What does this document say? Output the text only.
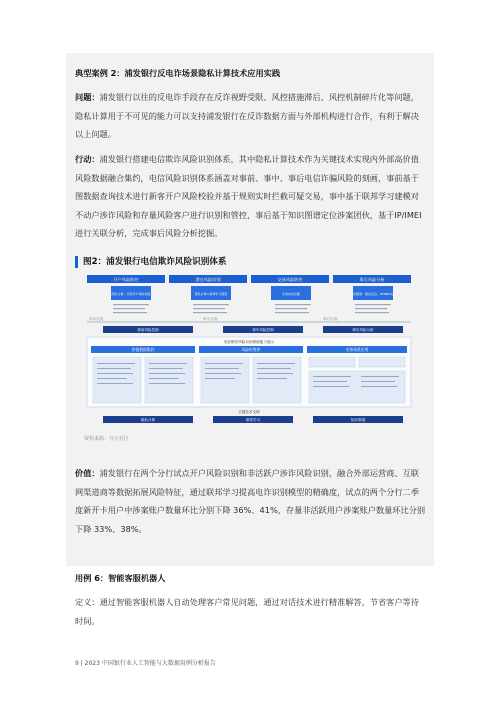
典型案例 2：浦发银行反电诈场景隐私计算技术应用实践

问题：浦发银行以往的反电诈手段存在反诈视野受限、风控措施滞后、风控机制碎片化等问题，隐私计算用于不可见的能力可以支持浦发银行在反诈数据方面与外部机构进行合作，有利于解决以上问题。

行动：浦发银行搭建电信欺诈风险识别体系，其中隐私计算技术作为关键技术实现内外部高价值风险数据融合集约，电信风险识别体系涵盖对事前、事中、事后电信诈骗风险的刻画，事前基于图数据查询技术进行新客开户风险校验并基于规则实时拦截可疑交易，事中基于联邦学习建模对不动户涉诈风险和存量风险客户进行识别和管控，事后基于知识图谱定位涉案团伙，基于IP/IMEI进行关联分析，完成事后风险分析挖掘。

图2：浦发银行电信欺诈风险识别体系
开户风险防控	潜在风险识别	交易风险防控	事后风险分析
隐私计算：外部开户风险校验	隐私计算+联邦学习模型	交易实时拦截	知识图谱：团伙定位、IP/IMEI关联
事前实施	事中实施	事后实施
事前风险控制	事中风险控制	事后风险分析
电信欺诈风险识别系统能力展示
价值数据集约	风险标签库	业务场景应用
关键技术支撑
隐私计算	联邦学习	知识图谱
资料来源：分公社区

价值：浦发银行在两个分行试点开户风险识别和非活跃户涉诈风险识别，融合外部运营商、互联网渠道商等数据拓展风险特征，通过联邦学习提高电诈识别模型的精确度，试点的两个分行二季度新开卡用户中涉案账户数量环比分别下降 36%、41%，存量非活跃用户涉案账户数量环比分别下降 33%、38%。

用例 6：智能客服机器人

定义：通过智能客服机器人自动处理客户常见问题，通过对话技术进行精准解答，节省客户等待时间。

9 | 2023 中国银行业人工智能与大数据用例分析报告
